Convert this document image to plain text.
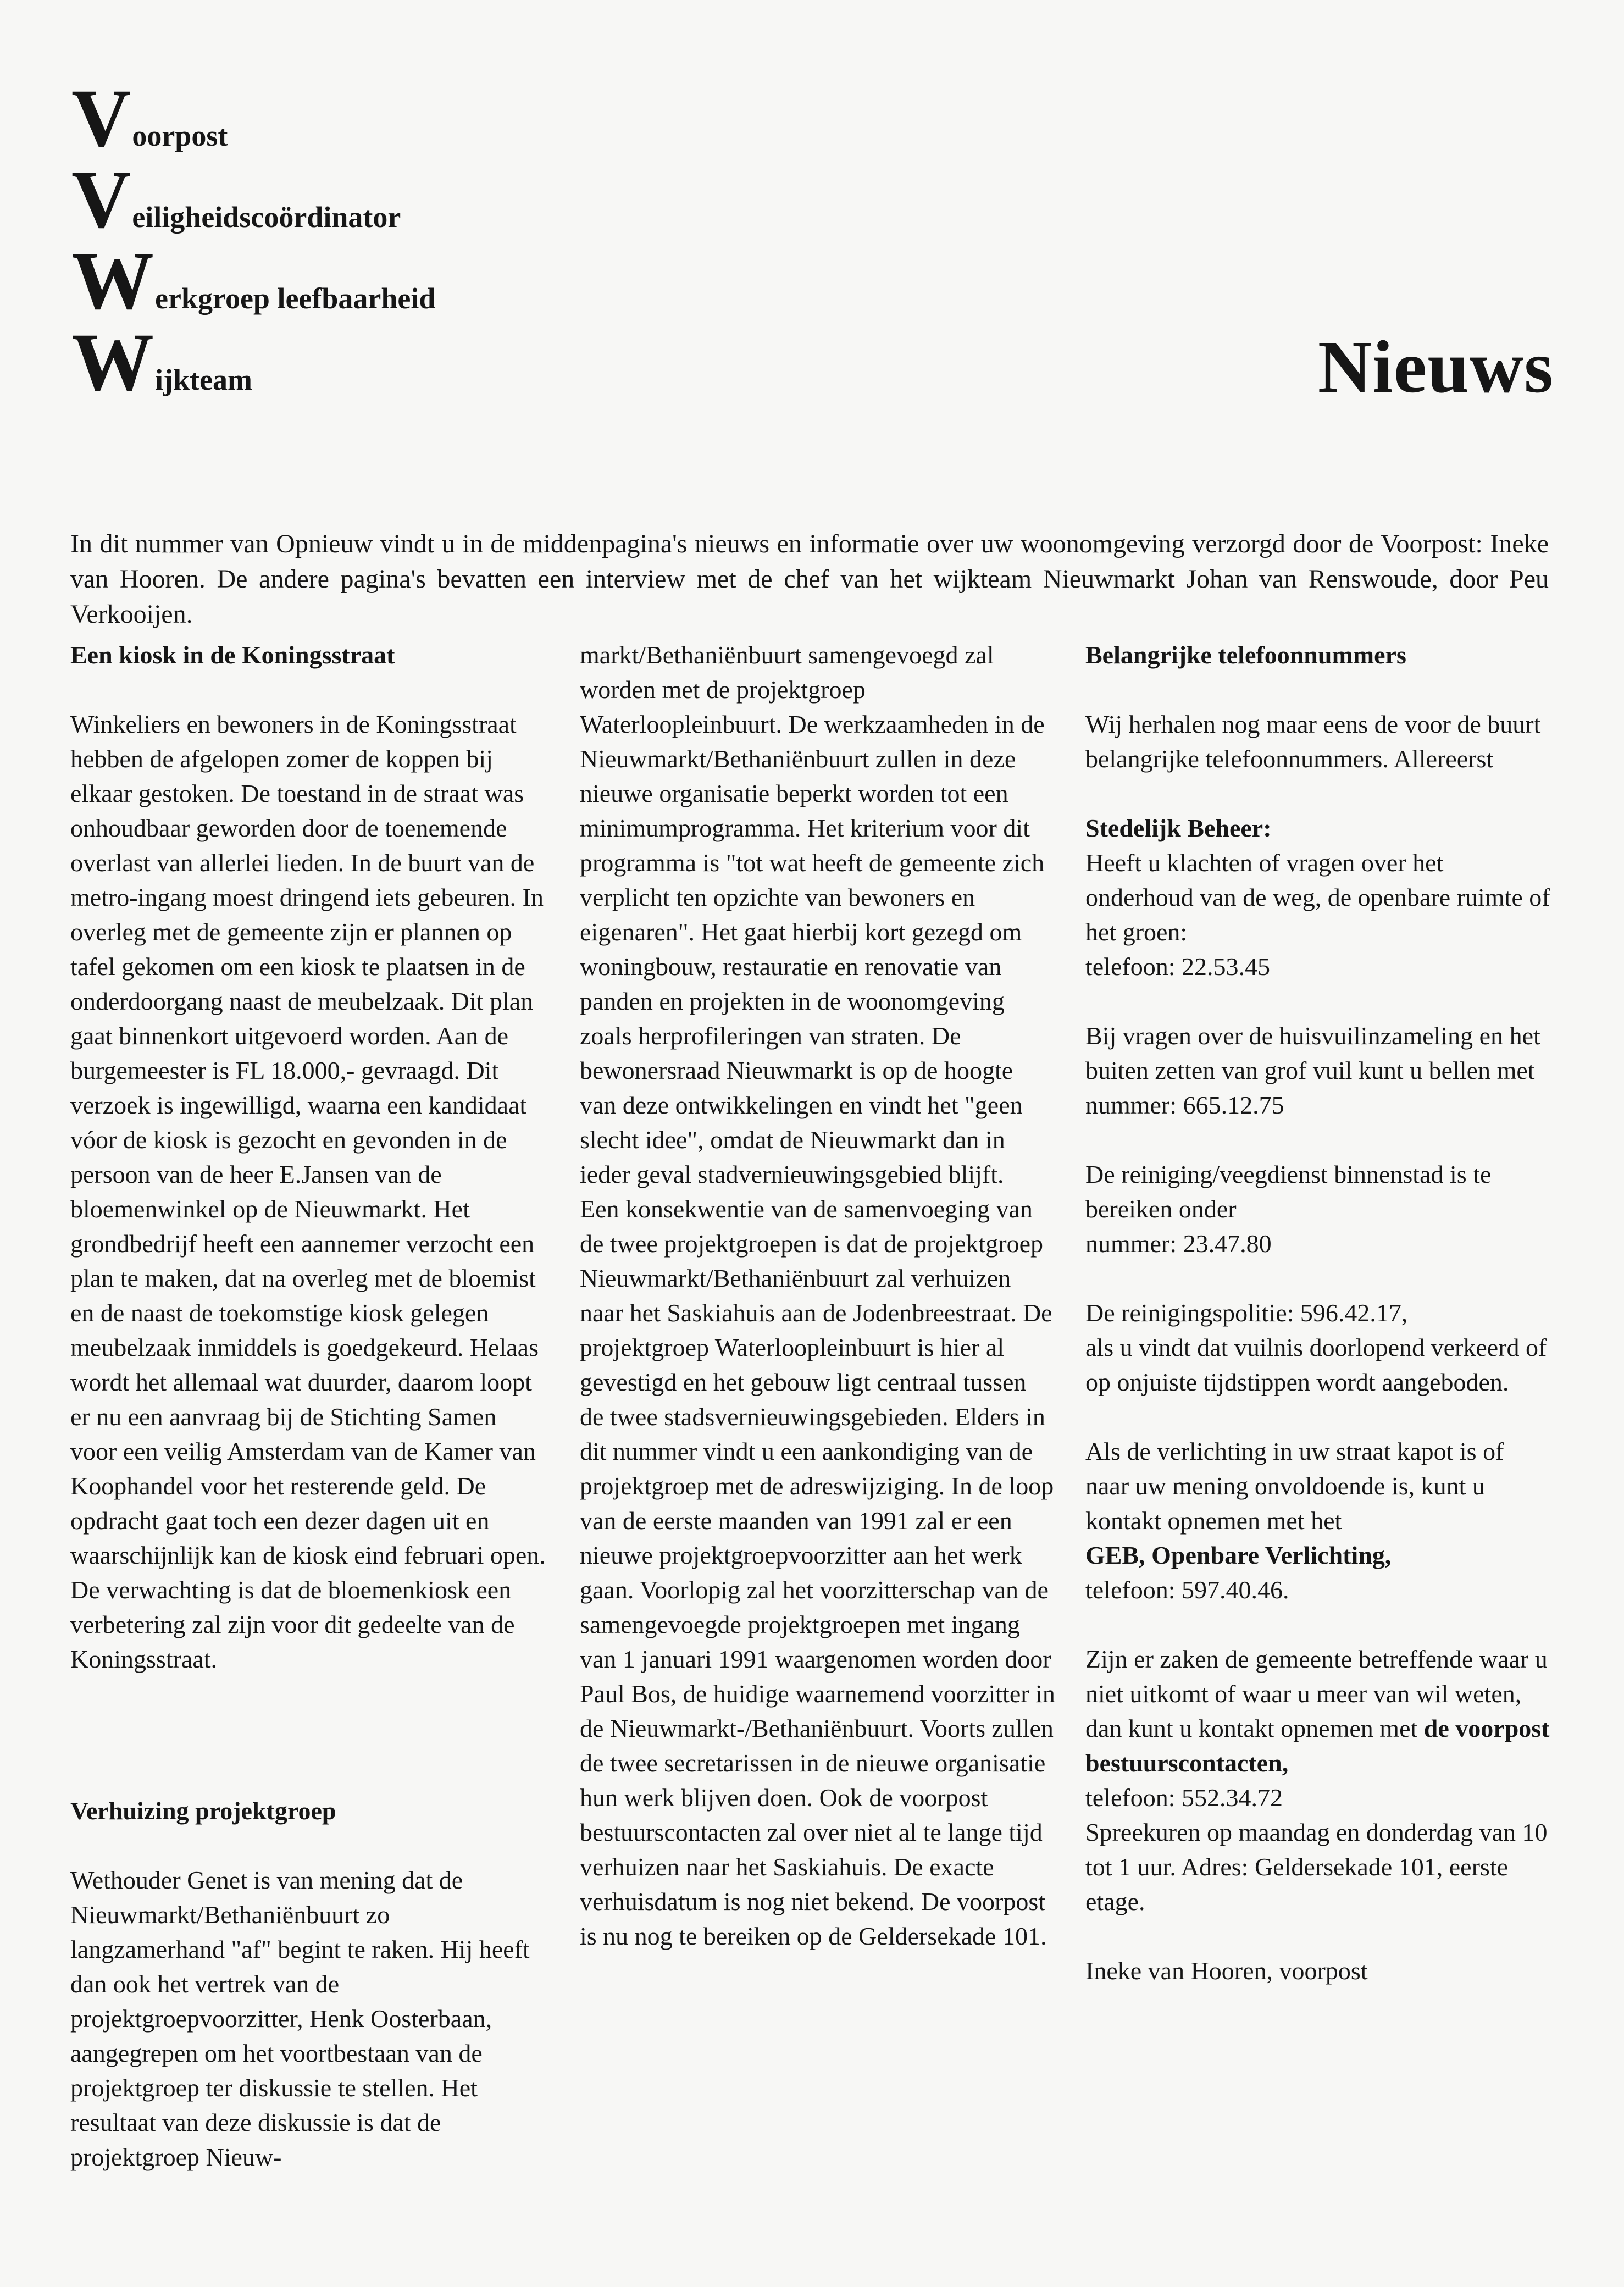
Voorpost
Veiligheidscoördinator
Werkgroep leefbaarheid
Wijkteam	Nieuws

In dit nummer van Opnieuw vindt u in de middenpagina's nieuws en informatie over uw woonomgeving verzorgd door de Voorpost: Ineke van Hooren. De andere pagina's bevatten een interview met de chef van het wijkteam Nieuwmarkt Johan van Renswoude, door Peu Verkooijen.

Een kiosk in de Koningsstraat

Winkeliers en bewoners in de Koningsstraat hebben de afgelopen zomer de koppen bij elkaar gestoken. De toestand in de straat was onhoudbaar geworden door de toenemende overlast van allerlei lieden. In de buurt van de metro-ingang moest dringend iets gebeuren. In overleg met de gemeente zijn er plannen op tafel gekomen om een kiosk te plaatsen in de onderdoorgang naast de meubelzaak. Dit plan gaat binnenkort uitgevoerd worden. Aan de burgemeester is FL 18.000,- gevraagd. Dit verzoek is ingewilligd, waarna een kandidaat vóor de kiosk is gezocht en gevonden in de persoon van de heer E.Jansen van de bloemenwinkel op de Nieuwmarkt. Het grondbedrijf heeft een aannemer verzocht een plan te maken, dat na overleg met de bloemist en de naast de toekomstige kiosk gelegen meubelzaak inmiddels is goedgekeurd. Helaas wordt het allemaal wat duurder, daarom loopt er nu een aanvraag bij de Stichting Samen voor een veilig Amsterdam van de Kamer van Koophandel voor het resterende geld. De opdracht gaat toch een dezer dagen uit en waarschijnlijk kan de kiosk eind februari open. De verwachting is dat de bloemenkiosk een verbetering zal zijn voor dit gedeelte van de Koningsstraat.

Verhuizing projektgroep

Wethouder Genet is van mening dat de Nieuwmarkt/Bethaniënbuurt zo langzamerhand "af" begint te raken. Hij heeft dan ook het vertrek van de projektgroepvoorzitter, Henk Oosterbaan, aangegrepen om het voortbestaan van de projektgroep ter diskussie te stellen. Het resultaat van deze diskussie is dat de projektgroep Nieuw-

markt/Bethaniënbuurt samengevoegd zal worden met de projektgroep Waterloopleinbuurt. De werkzaamheden in de Nieuwmarkt/Bethaniënbuurt zullen in deze nieuwe organisatie beperkt worden tot een minimumprogramma. Het kriterium voor dit programma is "tot wat heeft de gemeente zich verplicht ten opzichte van bewoners en eigenaren". Het gaat hierbij kort gezegd om woningbouw, restauratie en renovatie van panden en projekten in de woonomgeving zoals herprofileringen van straten. De bewonersraad Nieuwmarkt is op de hoogte van deze ontwikkelingen en vindt het "geen slecht idee", omdat de Nieuwmarkt dan in ieder geval stadvernieuwingsgebied blijft.

Een konsekwentie van de samenvoeging van de twee projektgroepen is dat de projektgroep Nieuwmarkt/Bethaniënbuurt zal verhuizen naar het Saskiahuis aan de Jodenbreestraat. De projektgroep Waterloopleinbuurt is hier al gevestigd en het gebouw ligt centraal tussen de twee stadsvernieuwingsgebieden. Elders in dit nummer vindt u een aankondiging van de projektgroep met de adreswijziging. In de loop van de eerste maanden van 1991 zal er een nieuwe projektgroepvoorzitter aan het werk gaan. Voorlopig zal het voorzitterschap van de samengevoegde projektgroepen met ingang van 1 januari 1991 waargenomen worden door Paul Bos, de huidige waarnemend voorzitter in de Nieuwmarkt-/Bethaniënbuurt. Voorts zullen de twee secretarissen in de nieuwe organisatie hun werk blijven doen. Ook de voorpost bestuurscontacten zal over niet al te lange tijd verhuizen naar het Saskiahuis. De exacte verhuisdatum is nog niet bekend. De voorpost is nu nog te bereiken op de Geldersekade 101.

Belangrijke telefoonnummers

Wij herhalen nog maar eens de voor de buurt belangrijke telefoonnummers. Allereerst

Stedelijk Beheer:
Heeft u klachten of vragen over het onderhoud van de weg, de openbare ruimte of het groen:
telefoon: 22.53.45

Bij vragen over de huisvuilinzameling en het buiten zetten van grof vuil kunt u bellen met
nummer: 665.12.75

De reiniging/veegdienst binnenstad is te bereiken onder
nummer: 23.47.80

De reinigingspolitie: 596.42.17,
als u vindt dat vuilnis doorlopend verkeerd of op onjuiste tijdstippen wordt aangeboden.

Als de verlichting in uw straat kapot is of naar uw mening onvoldoende is, kunt u kontakt opnemen met het
GEB, Openbare Verlichting,
telefoon: 597.40.46.

Zijn er zaken de gemeente betreffende waar u niet uitkomt of waar u meer van wil weten, dan kunt u kontakt opnemen met de voorpost bestuurscontacten,
telefoon: 552.34.72
Spreekuren op maandag en donderdag van 10 tot 1 uur. Adres: Geldersekade 101, eerste etage.

Ineke van Hooren, voorpost
